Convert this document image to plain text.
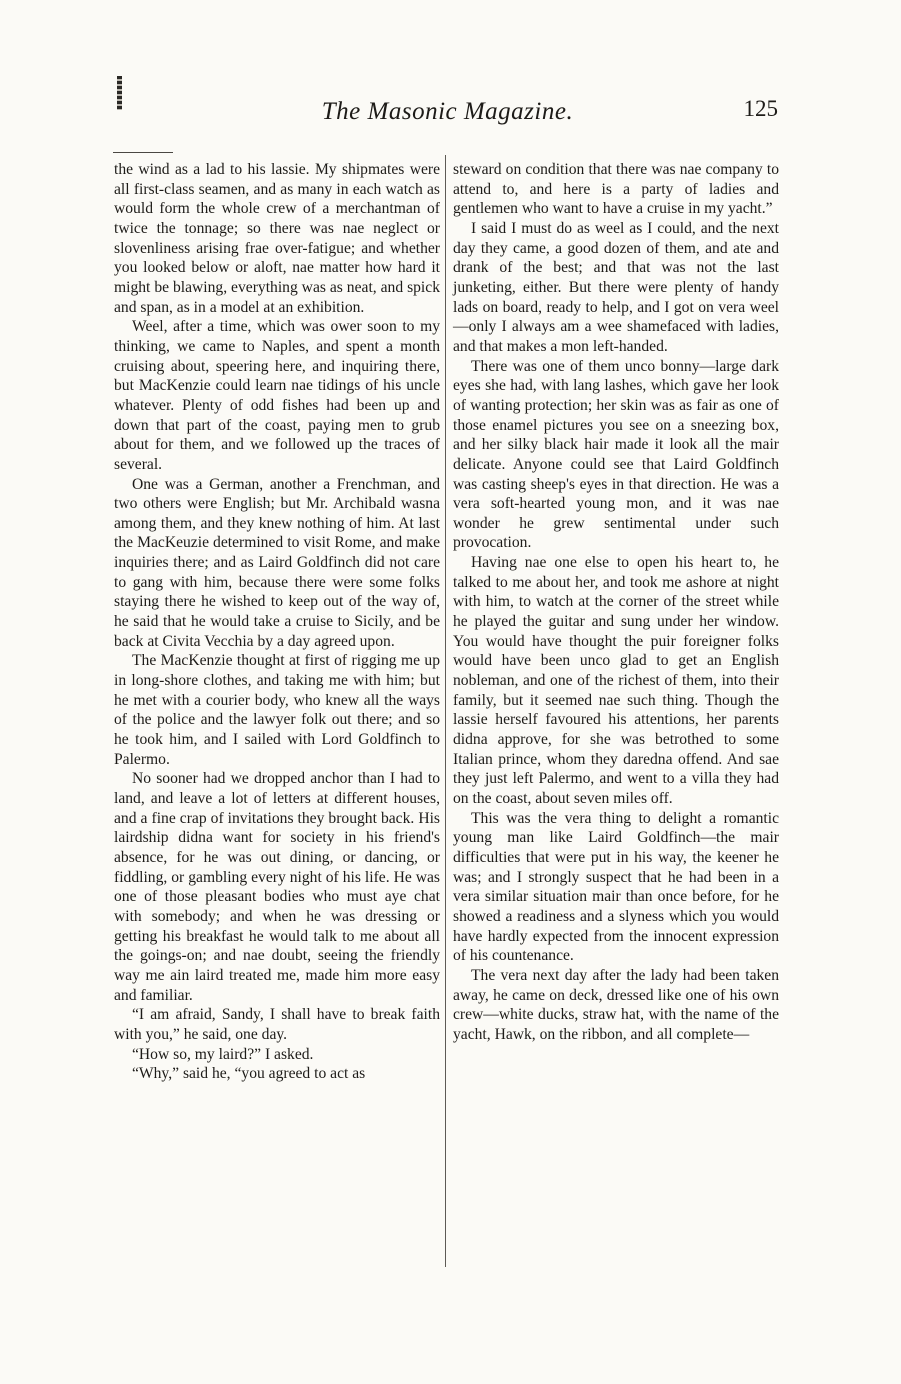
The Masonic Magazine.	125

the wind as a lad to his lassie. My shipmates were all first-class seamen, and as many in each watch as would form the whole crew of a merchantman of twice the tonnage; so there was nae neglect or slovenliness arising frae over-fatigue; and whether you looked below or aloft, nae matter how hard it might be blawing, everything was as neat, and spick and span, as in a model at an exhibition.

Weel, after a time, which was ower soon to my thinking, we came to Naples, and spent a month cruising about, speering here, and inquiring there, but MacKenzie could learn nae tidings of his uncle whatever. Plenty of odd fishes had been up and down that part of the coast, paying men to grub about for them, and we followed up the traces of several.

One was a German, another a Frenchman, and two others were English; but Mr. Archibald wasna among them, and they knew nothing of him. At last the MacKeuzie determined to visit Rome, and make inquiries there; and as Laird Goldfinch did not care to gang with him, because there were some folks staying there he wished to keep out of the way of, he said that he would take a cruise to Sicily, and be back at Civita Vecchia by a day agreed upon.

The MacKenzie thought at first of rigging me up in long-shore clothes, and taking me with him; but he met with a courier body, who knew all the ways of the police and the lawyer folk out there; and so he took him, and I sailed with Lord Goldfinch to Palermo.

No sooner had we dropped anchor than I had to land, and leave a lot of letters at different houses, and a fine crap of invitations they brought back. His lairdship didna want for society in his friend's absence, for he was out dining, or dancing, or fiddling, or gambling every night of his life. He was one of those pleasant bodies who must aye chat with somebody; and when he was dressing or getting his breakfast he would talk to me about all the goings-on; and nae doubt, seeing the friendly way me ain laird treated me, made him more easy and familiar.

“I am afraid, Sandy, I shall have to break faith with you,” he said, one day.

“How so, my laird?” I asked.

“Why,” said he, “you agreed to act as

steward on condition that there was nae company to attend to, and here is a party of ladies and gentlemen who want to have a cruise in my yacht.”

I said I must do as weel as I could, and the next day they came, a good dozen of them, and ate and drank of the best; and that was not the last junketing, either. But there were plenty of handy lads on board, ready to help, and I got on vera weel—only I always am a wee shamefaced with ladies, and that makes a mon left-handed.

There was one of them unco bonny—large dark eyes she had, with lang lashes, which gave her look of wanting protection; her skin was as fair as one of those enamel pictures you see on a sneezing box, and her silky black hair made it look all the mair delicate. Anyone could see that Laird Goldfinch was casting sheep's eyes in that direction. He was a vera soft-hearted young mon, and it was nae wonder he grew sentimental under such provocation.

Having nae one else to open his heart to, he talked to me about her, and took me ashore at night with him, to watch at the corner of the street while he played the guitar and sung under her window. You would have thought the puir foreigner folks would have been unco glad to get an English nobleman, and one of the richest of them, into their family, but it seemed nae such thing. Though the lassie herself favoured his attentions, her parents didna approve, for she was betrothed to some Italian prince, whom they daredna offend. And sae they just left Palermo, and went to a villa they had on the coast, about seven miles off.

This was the vera thing to delight a romantic young man like Laird Goldfinch—the mair difficulties that were put in his way, the keener he was; and I strongly suspect that he had been in a vera similar situation mair than once before, for he showed a readiness and a slyness which you would have hardly expected from the innocent expression of his countenance.

The vera next day after the lady had been taken away, he came on deck, dressed like one of his own crew—white ducks, straw hat, with the name of the yacht, Hawk, on the ribbon, and all complete—
